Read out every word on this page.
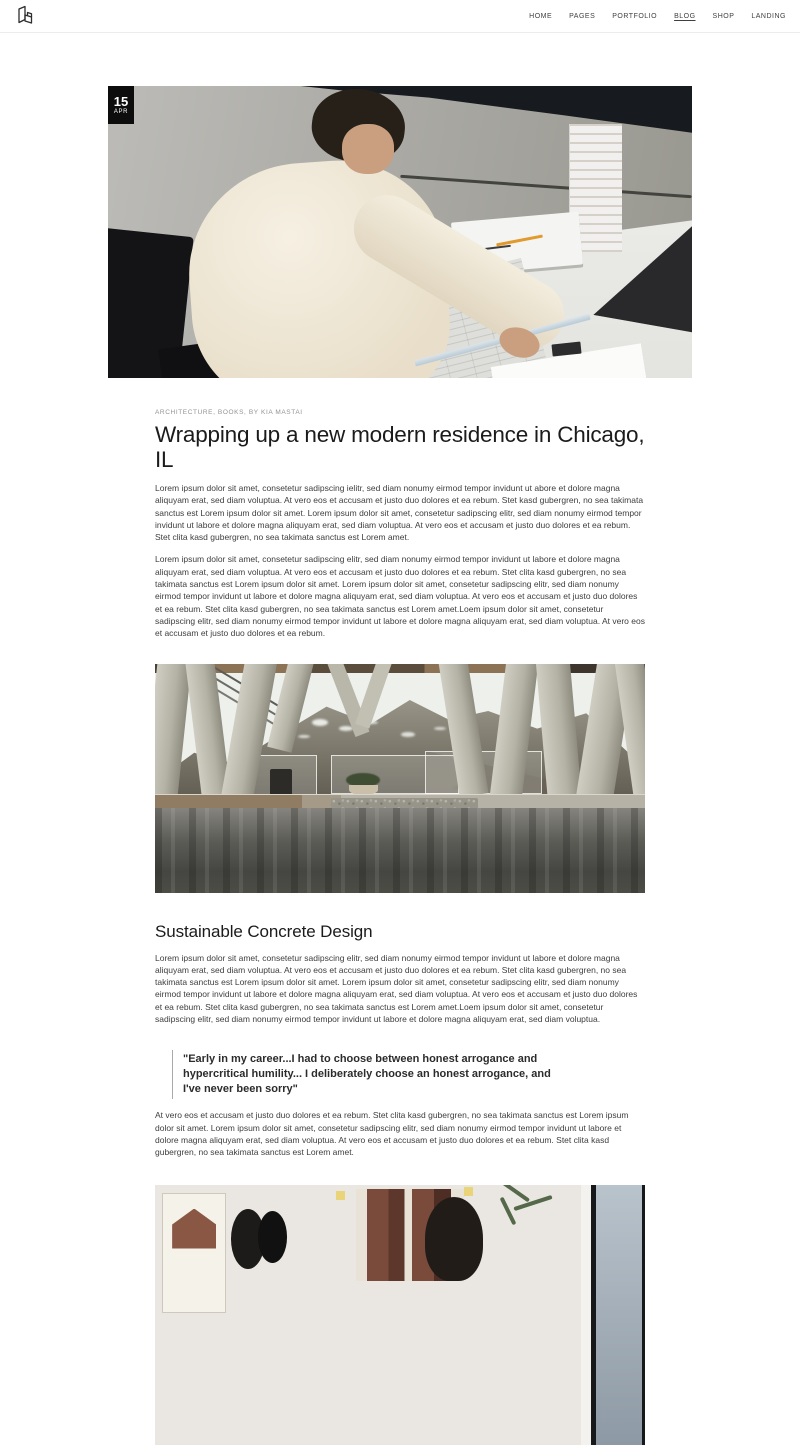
HOME PAGES PORTFOLIO BLOG SHOP LANDING
15
APR
ARCHITECTURE, BOOKS, BY KIA MASTAI
Wrapping up a new modern residence in Chicago, IL

Lorem ipsum dolor sit amet, consetetur sadipscing ielitr, sed diam nonumy eirmod tempor invidunt ut abore et dolore magna aliquyam erat, sed diam voluptua. At vero eos et accusam et justo duo dolores et ea rebum. Stet kasd gubergren, no sea takimata sanctus est Lorem ipsum dolor sit amet. Lorem ipsum dolor sit amet, consetetur sadipscing elitr, sed diam nonumy eirmod tempor invidunt ut labore et dolore magna aliquyam erat, sed diam voluptua. At vero eos et accusam et justo duo dolores et ea rebum. Stet clita kasd gubergren, no sea takimata sanctus est Lorem amet.

Lorem ipsum dolor sit amet, consetetur sadipscing elitr, sed diam nonumy eirmod tempor invidunt ut labore et dolore magna aliquyam erat, sed diam voluptua. At vero eos et accusam et justo duo dolores et ea rebum. Stet clita kasd gubergren, no sea takimata sanctus est Lorem ipsum dolor sit amet. Lorem ipsum dolor sit amet, consetetur sadipscing elitr, sed diam nonumy eirmod tempor invidunt ut labore et dolore magna aliquyam erat, sed diam voluptua. At vero eos et accusam et justo duo dolores et ea rebum. Stet clita kasd gubergren, no sea takimata sanctus est Lorem amet.Loem ipsum dolor sit amet, consetetur sadipscing elitr, sed diam nonumy eirmod tempor invidunt ut labore et dolore magna aliquyam erat, sed diam voluptua. At vero eos et accusam et justo duo dolores et ea rebum.

Sustainable Concrete Design

Lorem ipsum dolor sit amet, consetetur sadipscing elitr, sed diam nonumy eirmod tempor invidunt ut labore et dolore magna aliquyam erat, sed diam voluptua. At vero eos et accusam et justo duo dolores et ea rebum. Stet clita kasd gubergren, no sea takimata sanctus est Lorem ipsum dolor sit amet. Lorem ipsum dolor sit amet, consetetur sadipscing elitr, sed diam nonumy eirmod tempor invidunt ut labore et dolore magna aliquyam erat, sed diam voluptua. At vero eos et accusam et justo duo dolores et ea rebum. Stet clita kasd gubergren, no sea takimata sanctus est Lorem amet.Loem ipsum dolor sit amet, consetetur sadipscing elitr, sed diam nonumy eirmod tempor invidunt ut labore et dolore magna aliquyam erat, sed diam voluptua.

"Early in my career...I had to choose between honest arrogance and hypercritical humility... I deliberately choose an honest arrogance, and I've never been sorry"

At vero eos et accusam et justo duo dolores et ea rebum. Stet clita kasd gubergren, no sea takimata sanctus est Lorem ipsum dolor sit amet. Lorem ipsum dolor sit amet, consetetur sadipscing elitr, sed diam nonumy eirmod tempor invidunt ut labore et dolore magna aliquyam erat, sed diam voluptua. At vero eos et accusam et justo duo dolores et ea rebum. Stet clita kasd gubergren, no sea takimata sanctus est Lorem amet.
